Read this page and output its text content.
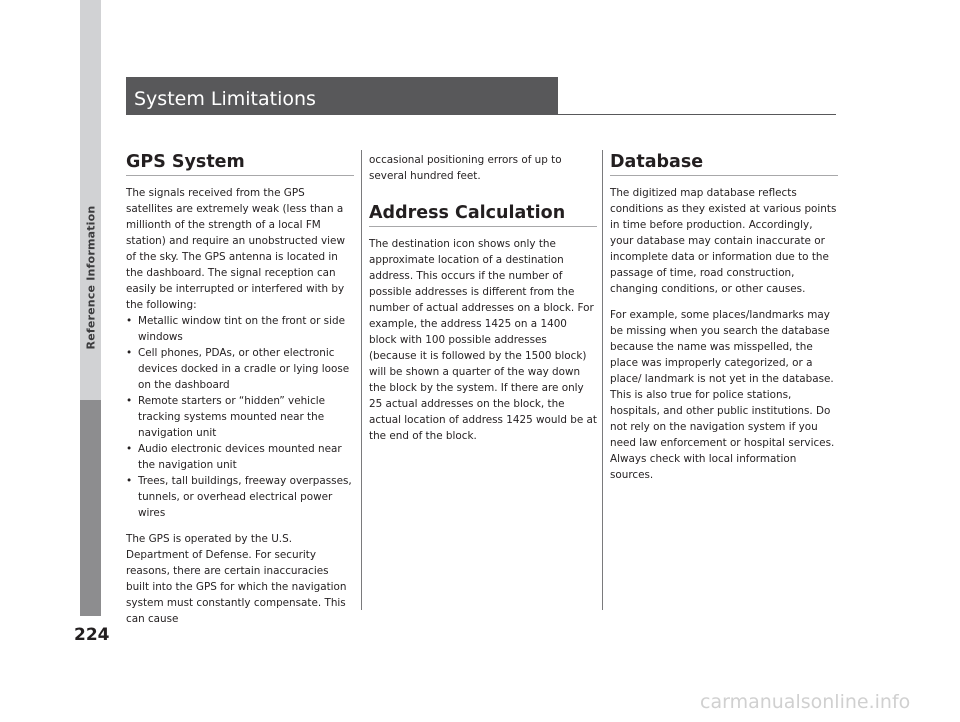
Reference Information
224
System Limitations
GPS System

The signals received from the GPS satellites are extremely weak (less than a millionth of the strength of a local FM station) and require an unobstructed view of the sky. The GPS antenna is located in the dashboard. The signal reception can easily be interrupted or interfered with by the following:

• Metallic window tint on the front or side windows
• Cell phones, PDAs, or other electronic devices docked in a cradle or lying loose on the dashboard
• Remote starters or “hidden” vehicle tracking systems mounted near the navigation unit
• Audio electronic devices mounted near the navigation unit
• Trees, tall buildings, freeway overpasses, tunnels, or overhead electrical power wires

The GPS is operated by the U.S. Department of Defense. For security reasons, there are certain inaccuracies built into the GPS for which the navigation system must constantly compensate. This can cause

occasional positioning errors of up to several hundred feet.

Address Calculation

The destination icon shows only the approximate location of a destination address. This occurs if the number of possible addresses is different from the number of actual addresses on a block. For example, the address 1425 on a 1400 block with 100 possible addresses (because it is followed by the 1500 block) will be shown a quarter of the way down the block by the system. If there are only 25 actual addresses on the block, the actual location of address 1425 would be at the end of the block.

Database

The digitized map database reflects conditions as they existed at various points in time before production. Accordingly, your database may contain inaccurate or incomplete data or information due to the passage of time, road construction, changing conditions, or other causes.

For example, some places/landmarks may be missing when you search the database because the name was misspelled, the place was improperly categorized, or a place/ landmark is not yet in the database. This is also true for police stations, hospitals, and other public institutions. Do not rely on the navigation system if you need law enforcement or hospital services. Always check with local information sources.

carmanualsonline.info
